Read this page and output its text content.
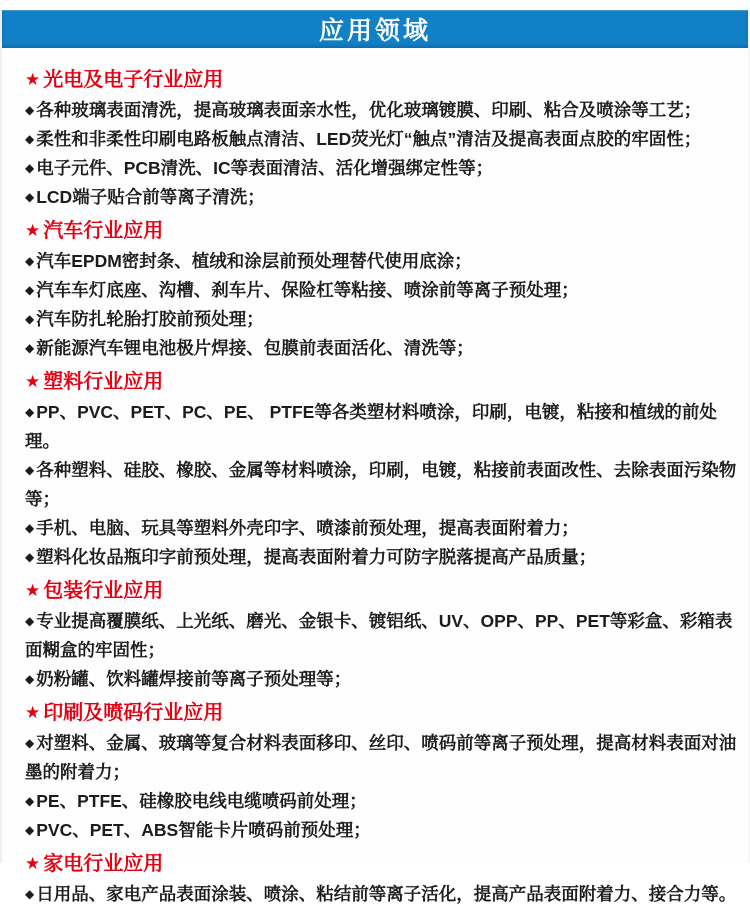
应用领域
★ 光电及电子行业应用

◆ 各种玻璃表面清洗，提高玻璃表面亲水性，优化玻璃镀膜、印刷、粘合及喷涂等工艺；

◆ 柔性和非柔性印刷电路板触点清洁、LED荧光灯“触点”清洁及提高表面点胶的牢固性；

◆ 电子元件、PCB清洗、IC等表面清洁、活化增强绑定性等；

◆ LCD端子贴合前等离子清洗；

★ 汽车行业应用

◆ 汽车EPDM密封条、植绒和涂层前预处理替代使用底涂；

◆ 汽车车灯底座、沟槽、刹车片、保险杠等粘接、喷涂前等离子预处理；

◆ 汽车防扎轮胎打胶前预处理；

◆ 新能源汽车锂电池极片焊接、包膜前表面活化、清洗等；

★ 塑料行业应用

◆ PP、PVC、PET、PC、PE、 PTFE等各类塑材料喷涂，印刷，电镀，粘接和植绒的前处理。

◆ 各种塑料、硅胶、橡胶、金属等材料喷涂，印刷，电镀，粘接前表面改性、去除表面污染物等；

◆ 手机、电脑、玩具等塑料外壳印字、喷漆前预处理，提高表面附着力；

◆ 塑料化妆品瓶印字前预处理，提高表面附着力可防字脱落提高产品质量；

★ 包装行业应用

◆ 专业提高覆膜纸、上光纸、磨光、金银卡、镀铝纸、UV、OPP、PP、PET等彩盒、彩箱表面糊盒的牢固性；

◆ 奶粉罐、饮料罐焊接前等离子预处理等；

★ 印刷及喷码行业应用

◆ 对塑料、金属、玻璃等复合材料表面移印、丝印、喷码前等离子预处理，提高材料表面对油墨的附着力；

◆ PE、PTFE、硅橡胶电线电缆喷码前处理；

◆ PVC、PET、ABS智能卡片喷码前预处理；

★ 家电行业应用

◆ 日用品、家电产品表面涂装、喷涂、粘结前等离子活化，提高产品表面附着力、接合力等。
